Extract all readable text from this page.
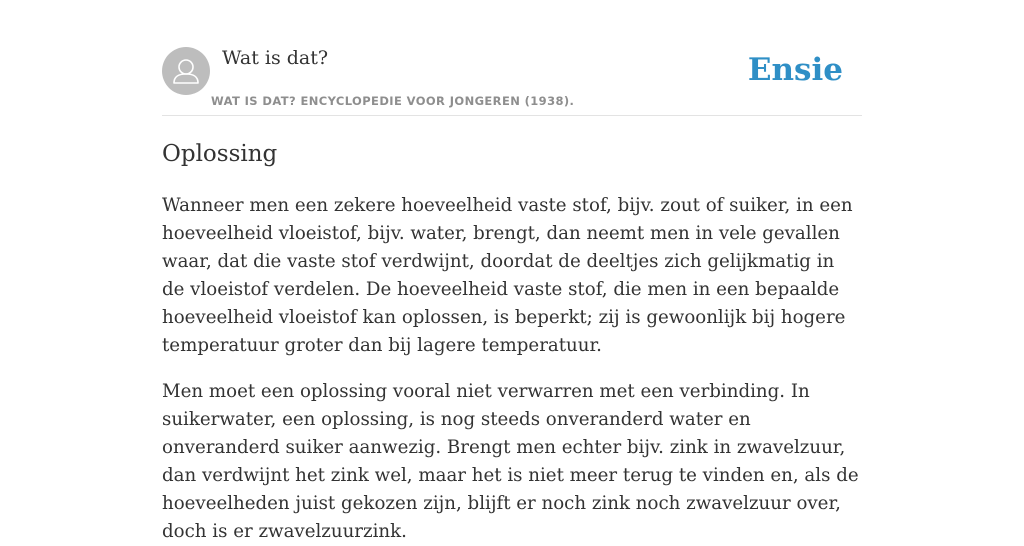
Wat is dat?
WAT IS DAT? ENCYCLOPEDIE VOOR JONGEREN (1938).
Ensie
Oplossing

Wanneer men een zekere hoeveelheid vaste stof, bijv. zout of suiker, in een hoeveelheid vloeistof, bijv. water, brengt, dan neemt men in vele gevallen waar, dat die vaste stof verdwijnt, doordat de deeltjes zich gelijkmatig in de vloeistof verdelen. De hoeveelheid vaste stof, die men in een bepaalde hoeveelheid vloeistof kan oplossen, is beperkt; zij is gewoonlijk bij hogere temperatuur groter dan bij lagere temperatuur.

Men moet een oplossing vooral niet verwarren met een verbinding. In suikerwater, een oplossing, is nog steeds onveranderd water en onveranderd suiker aanwezig. Brengt men echter bijv. zink in zwavelzuur, dan verdwijnt het zink wel, maar het is niet meer terug te vinden en, als de hoeveelheden juist gekozen zijn, blijft er noch zink noch zwavelzuur over, doch is er zwavelzuurzink.
